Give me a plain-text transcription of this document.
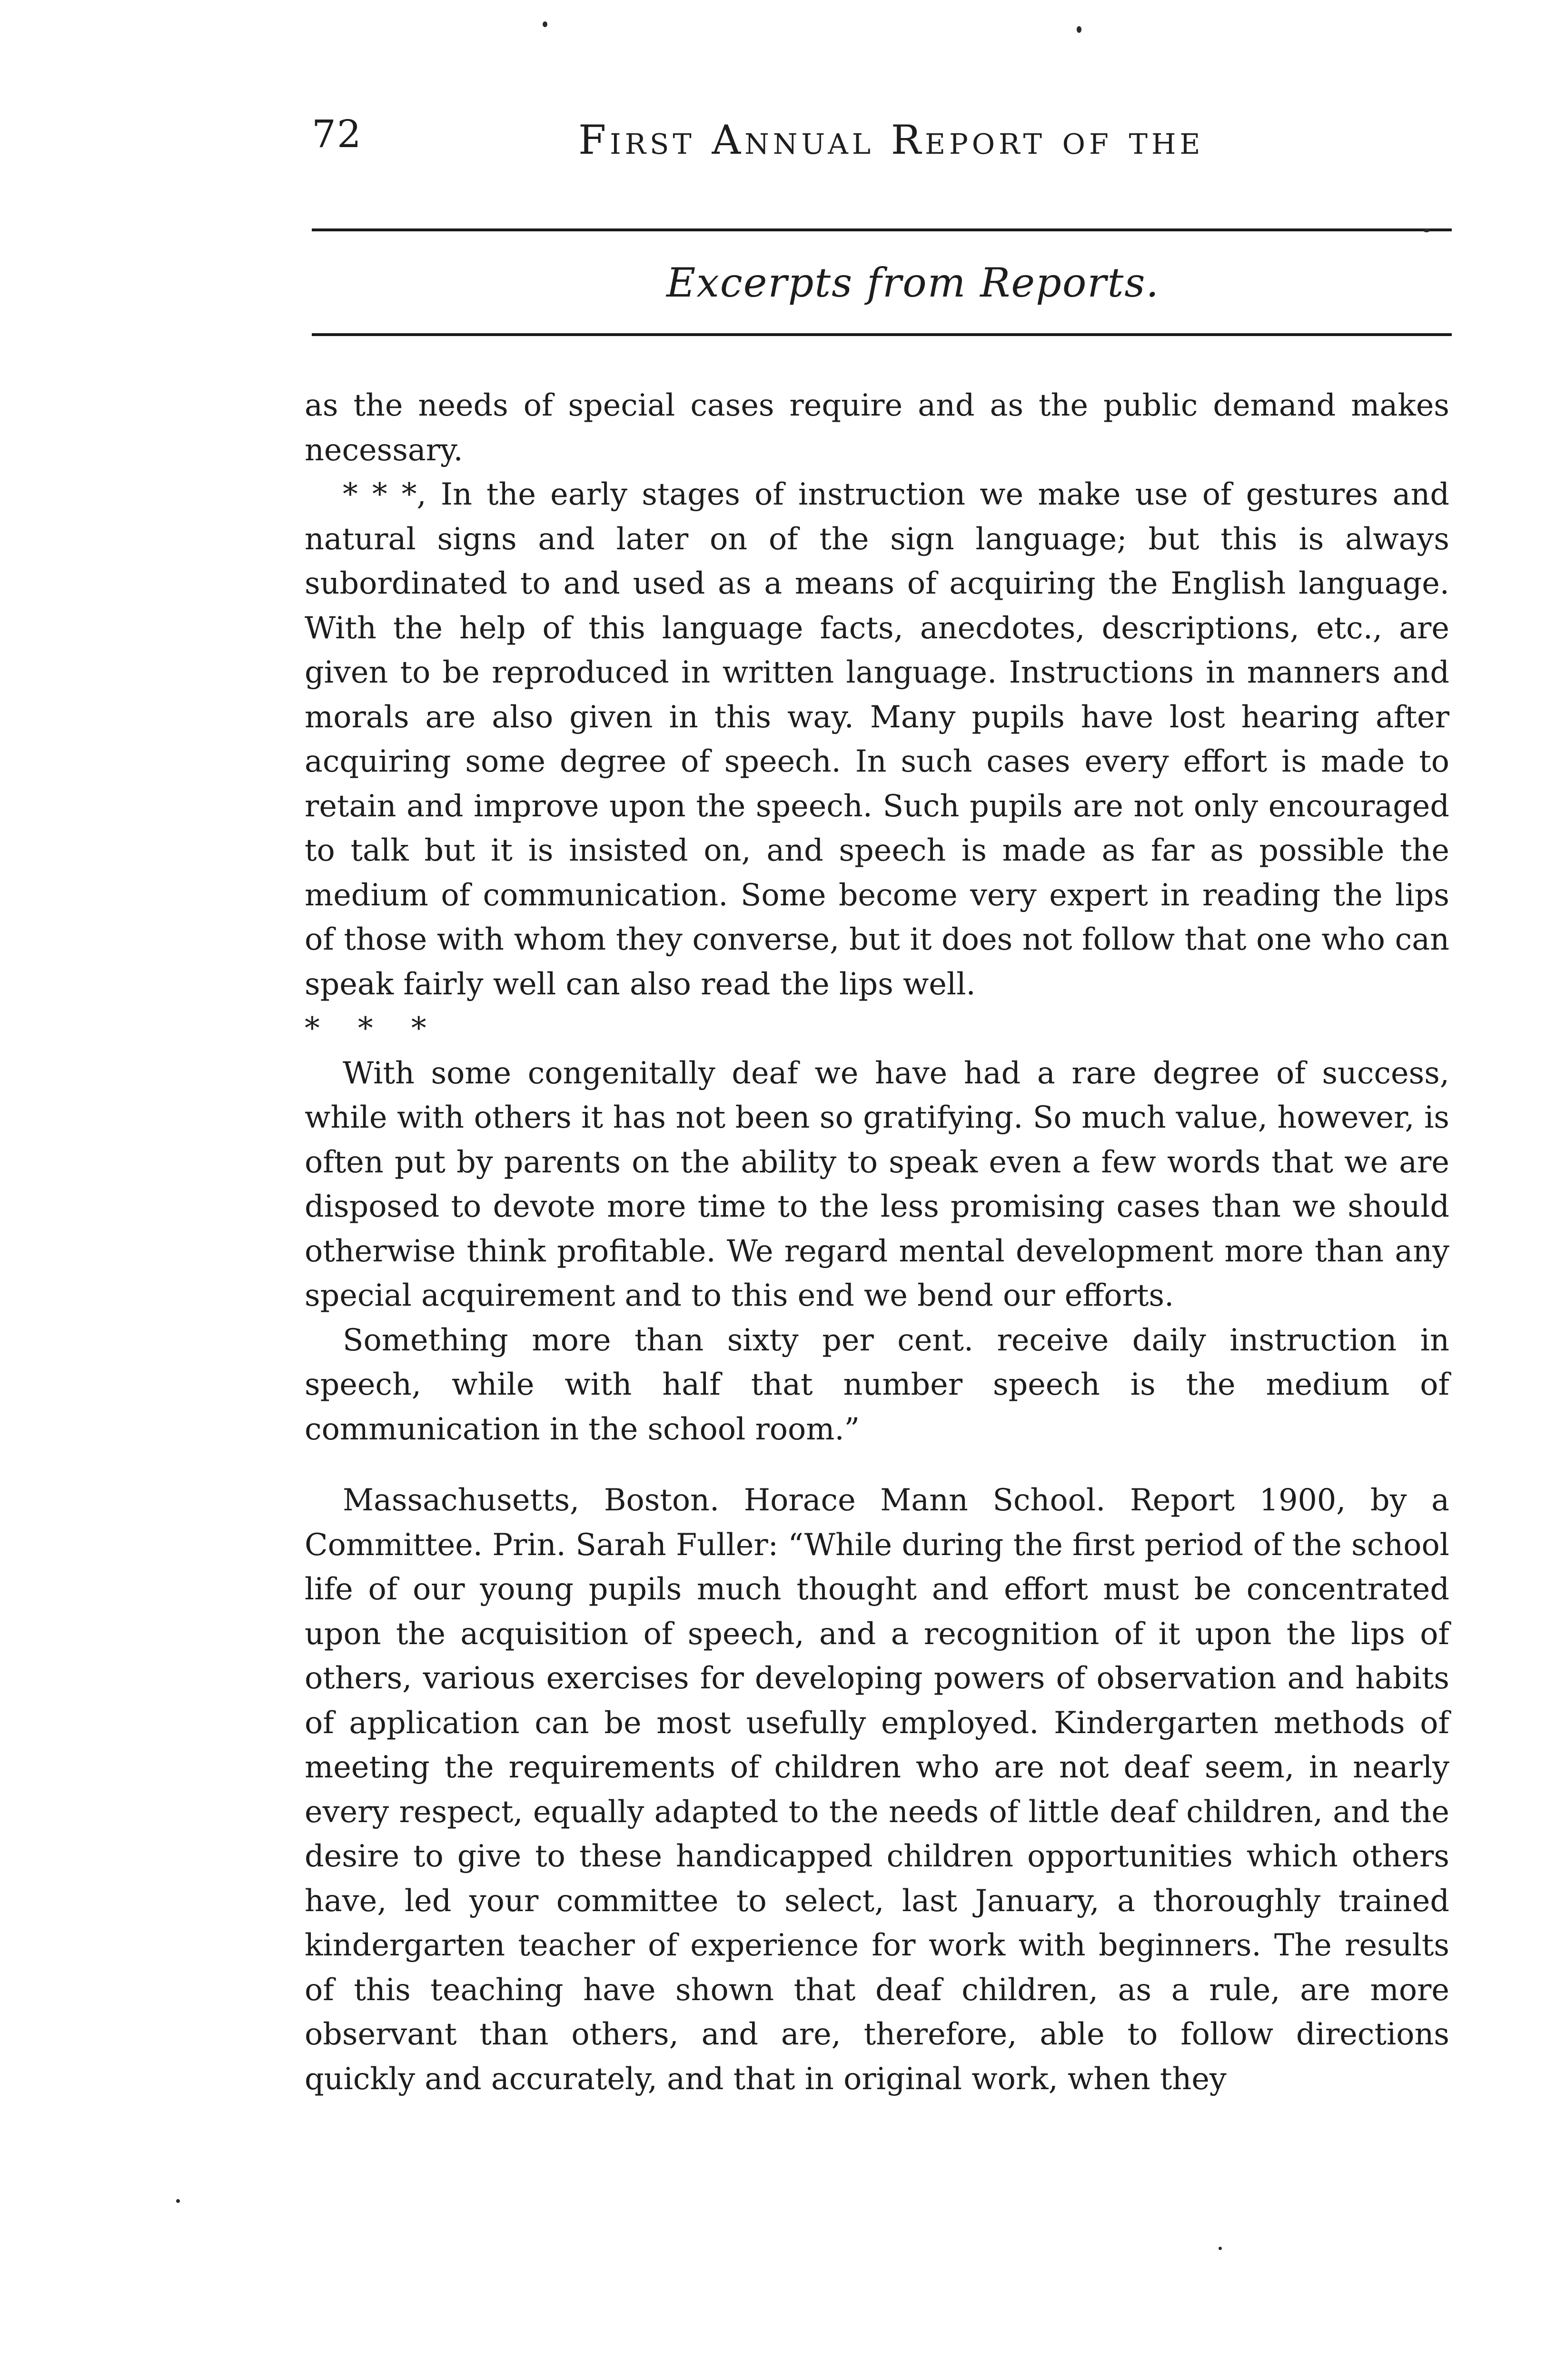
72	First Annual Report of the
Excerpts from Reports.

as the needs of special cases require and as the public demand makes necessary.

* * *, In the early stages of instruction we make use of gestures and natural signs and later on of the sign language; but this is always subordinated to and used as a means of acquiring the English language. With the help of this language facts, anecdotes, descriptions, etc., are given to be reproduced in written language. Instructions in manners and morals are also given in this way. Many pupils have lost hearing after acquiring some degree of speech. In such cases every effort is made to retain and improve upon the speech. Such pupils are not only encouraged to talk but it is insisted on, and speech is made as far as possible the medium of communication. Some become very expert in reading the lips of those with whom they converse, but it does not follow that one who can speak fairly well can also read the lips well.

* * *

With some congenitally deaf we have had a rare degree of success, while with others it has not been so gratifying. So much value, however, is often put by parents on the ability to speak even a few words that we are disposed to devote more time to the less promising cases than we should otherwise think profitable. We regard mental development more than any special acquirement and to this end we bend our efforts.

Something more than sixty per cent. receive daily instruction in speech, while with half that number speech is the medium of communication in the school room.”

Massachusetts, Boston. Horace Mann School. Report 1900, by a Committee. Prin. Sarah Fuller: “While during the first period of the school life of our young pupils much thought and effort must be concentrated upon the acquisition of speech, and a recognition of it upon the lips of others, various exercises for developing powers of observation and habits of application can be most usefully employed. Kindergarten methods of meeting the requirements of children who are not deaf seem, in nearly every respect, equally adapted to the needs of little deaf children, and the desire to give to these handicapped children opportunities which others have, led your committee to select, last January, a thoroughly trained kindergarten teacher of experience for work with beginners. The results of this teaching have shown that deaf children, as a rule, are more observant than others, and are, therefore, able to follow directions quickly and accurately, and that in original work, when they
